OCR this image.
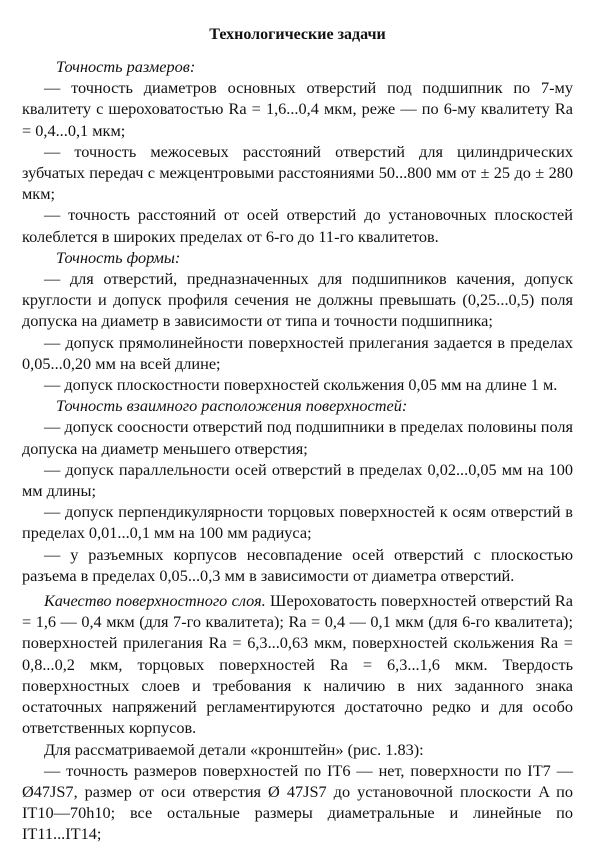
Технологические задачи
Точность размеров:

— точность диаметров основных отверстий под подшипник по 7-му квалитету с шероховатостью Ra = 1,6...0,4 мкм, реже — по 6-му квалитету Ra = 0,4...0,1 мкм;

— точность межосевых расстояний отверстий для цилиндрических зубчатых передач с межцентровыми расстояниями 50...800 мм от ± 25 до ± 280 мкм;

— точность расстояний от осей отверстий до установочных плоскостей колеблется в широких пределах от 6-го до 11-го квалитетов.

Точность формы:

— для отверстий, предназначенных для подшипников качения, допуск круглости и допуск профиля сечения не должны превышать (0,25...0,5) поля допуска на диаметр в зависимости от типа и точности подшипника;

— допуск прямолинейности поверхностей прилегания задается в пределах 0,05...0,20 мм на всей длине;

— допуск плоскостности поверхностей скольжения 0,05 мм на длине 1 м.

Точность взаимного расположения поверхностей:

— допуск соосности отверстий под подшипники в пределах половины поля допуска на диаметр меньшего отверстия;

— допуск параллельности осей отверстий в пределах 0,02...0,05 мм на 100 мм длины;

— допуск перпендикулярности торцовых поверхностей к осям отверстий в пределах 0,01...0,1 мм на 100 мм радиуса;

— у разъемных корпусов несовпадение осей отверстий с плоскостью разъема в пределах 0,05...0,3 мм в зависимости от диаметра отверстий.

Качество поверхностного слоя. Шероховатость поверхностей отверстий Ra = 1,6 — 0,4 мкм (для 7-го квалитета); Ra = 0,4 — 0,1 мкм (для 6-го квалитета); поверхностей прилегания Ra = 6,3...0,63 мкм, поверхностей скольжения Ra = 0,8...0,2 мкм, торцовых поверхностей Ra = 6,3...1,6 мкм. Твердость поверхностных слоев и требования к наличию в них заданного знака остаточных напряжений регламентируются достаточно редко и для особо ответственных корпусов.

Для рассматриваемой детали «кронштейн» (рис. 1.83):

— точность размеров поверхностей по IT6 — нет, поверхности по IT7 — Ø47JS7, размер от оси отверстия Ø 47JS7 до установочной плоскости A по IT10—70h10; все остальные размеры диаметральные и линейные по IT11...IT14;
